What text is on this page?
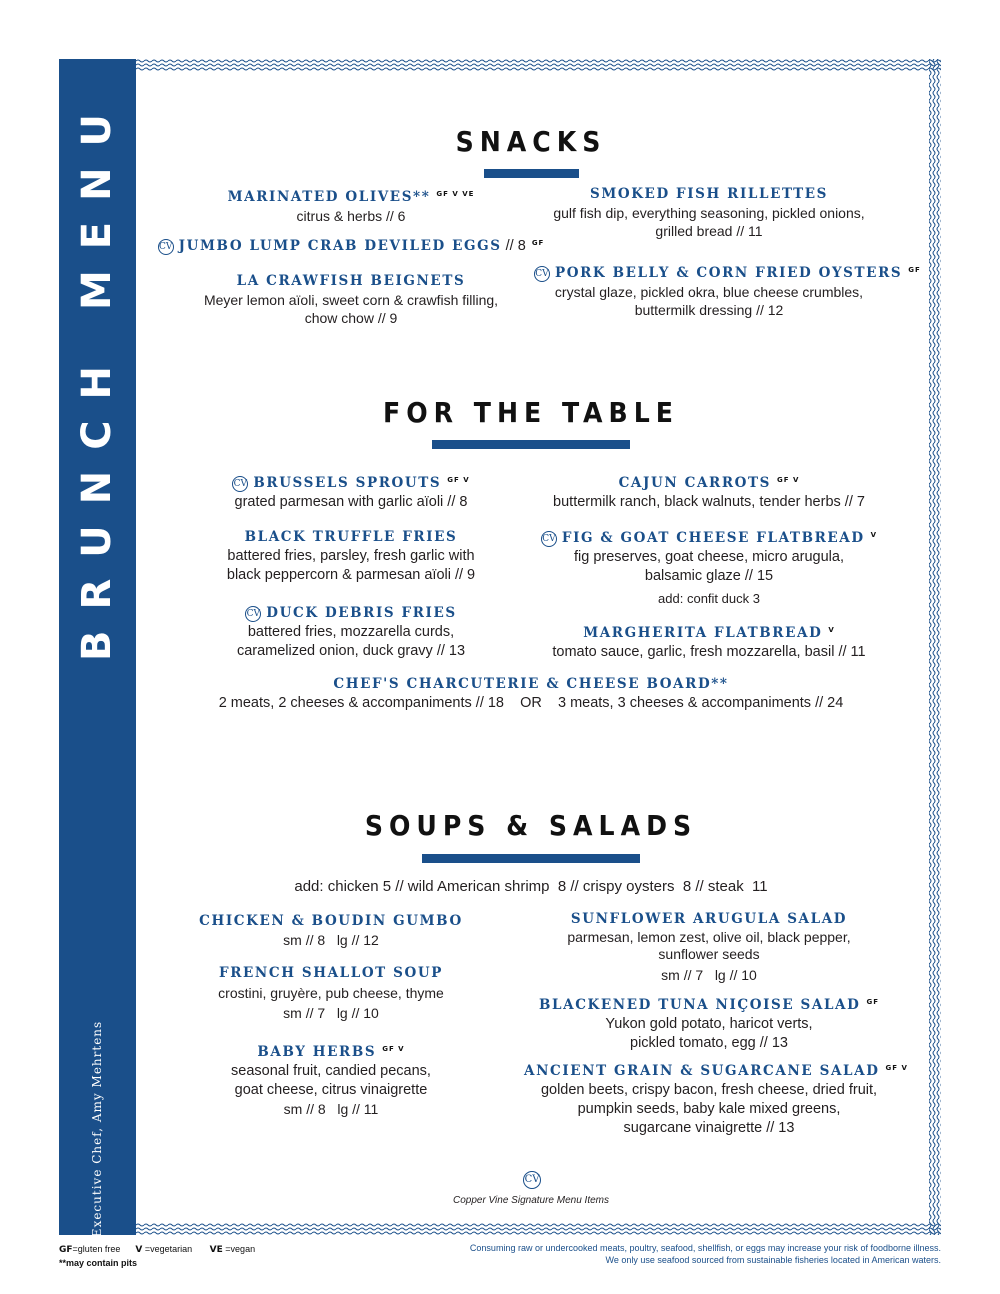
BRUNCH MENU
Executive Chef, Amy Mehrtens
SNACKS
MARINATED OLIVES** $^{GF V VE}$
citrus & herbs // 6
CV JUMBO LUMP CRAB DEVILED EGGS // 8 $^{GF}$
LA CRAWFISH BEIGNETS
Meyer lemon aïoli, sweet corn & crawfish filling,
chow chow // 9
SMOKED FISH RILLETTES
gulf fish dip, everything seasoning, pickled onions,
grilled bread // 11
CV PORK BELLY & CORN FRIED OYSTERS $^{GF}$
crystal glaze, pickled okra, blue cheese crumbles,
buttermilk dressing // 12
FOR THE TABLE
CV BRUSSELS SPROUTS $^{GF V}$
grated parmesan with garlic aïoli // 8
BLACK TRUFFLE FRIES
battered fries, parsley, fresh garlic with
black peppercorn & parmesan aïoli // 9
CV DUCK DEBRIS FRIES
battered fries, mozzarella curds,
caramelized onion, duck gravy // 13
CAJUN CARROTS $^{GF V}$
buttermilk ranch, black walnuts, tender herbs // 7
CV FIG & GOAT CHEESE FLATBREAD $^V$
fig preserves, goat cheese, micro arugula,
balsamic glaze // 15
add: confit duck 3
MARGHERITA FLATBREAD $^V$
tomato sauce, garlic, fresh mozzarella, basil // 11
CHEF'S CHARCUTERIE & CHEESE BOARD**
2 meats, 2 cheeses & accompaniments // 18    OR    3 meats, 3 cheeses & accompaniments // 24
SOUPS & SALADS
add: chicken 5 // wild American shrimp  8 // crispy oysters  8 // steak  11
CHICKEN & BOUDIN GUMBO
sm // 8   lg // 12
FRENCH SHALLOT SOUP
crostini, gruyère, pub cheese, thyme
sm // 7   lg // 10
BABY HERBS $^{GF V}$
seasonal fruit, candied pecans,
goat cheese, citrus vinaigrette
sm // 8   lg // 11
SUNFLOWER ARUGULA SALAD
parmesan, lemon zest, olive oil, black pepper,
sunflower seeds
sm // 7   lg // 10
BLACKENED TUNA NIÇOISE SALAD $^{GF}$
Yukon gold potato, haricot verts,
pickled tomato, egg // 13
ANCIENT GRAIN & SUGARCANE SALAD $^{GF V}$
golden beets, crispy bacon, fresh cheese, dried fruit,
pumpkin seeds, baby kale mixed greens,
sugarcane vinaigrette // 13
CV
Copper Vine Signature Menu Items
GF=gluten free V =vegetarian VE =vegan
**may contain pits
Consuming raw or undercooked meats, poultry, seafood, shellfish, or eggs may increase your risk of foodborne illness.
We only use seafood sourced from sustainable fisheries located in American waters.
